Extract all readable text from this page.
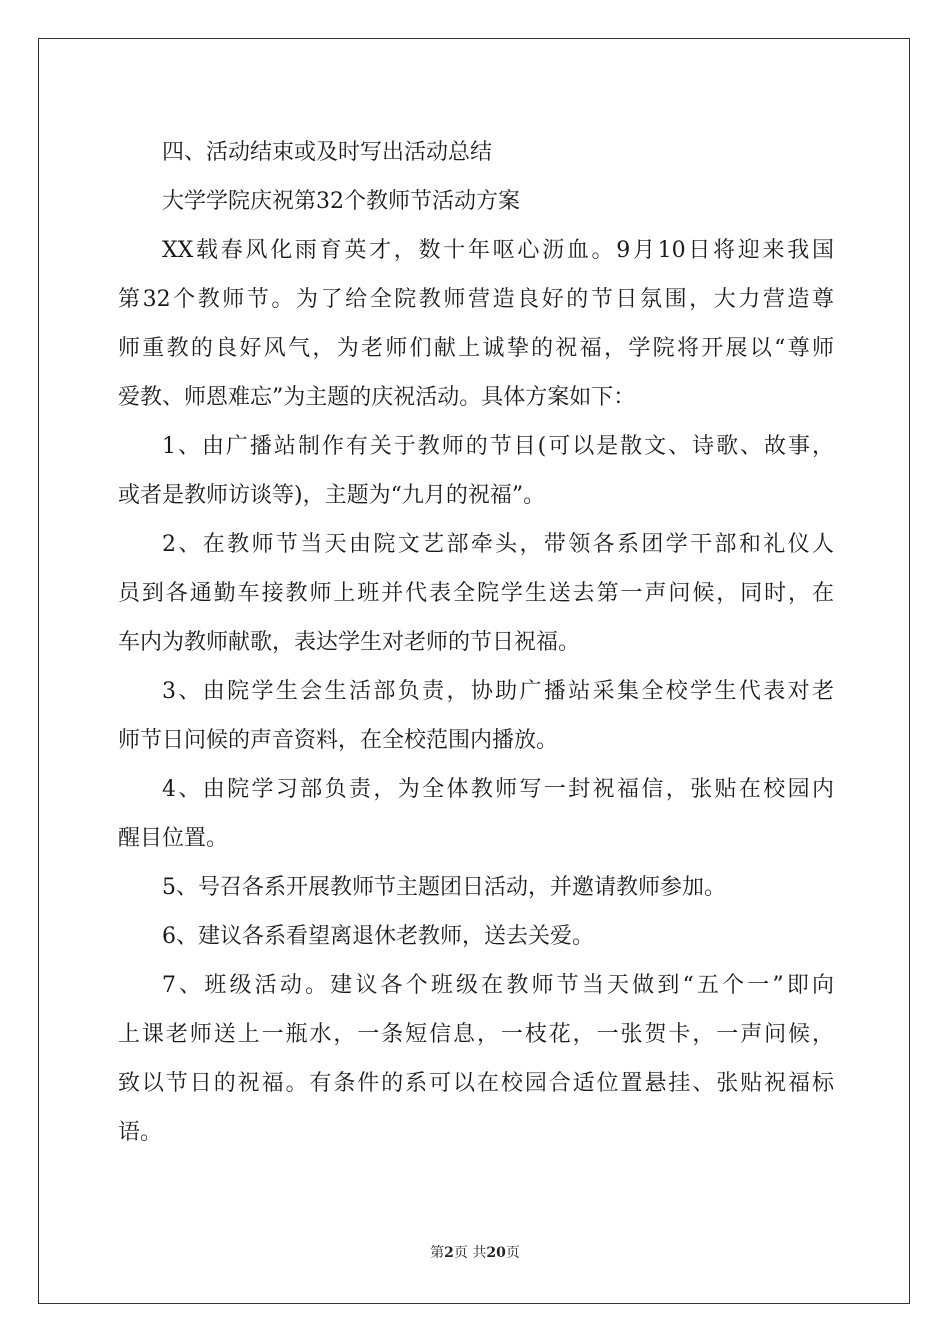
四、活动结束或及时写出活动总结
大学学院庆祝第32个教师节活动方案
XX载春风化雨育英才，数十年呕心沥血。9月10日将迎来我国
第32个教师节。为了给全院教师营造良好的节日氛围，大力营造尊
师重教的良好风气，为老师们献上诚挚的祝福，学院将开展以“尊师
爱教、师恩难忘”为主题的庆祝活动。具体方案如下：
1、由广播站制作有关于教师的节目(可以是散文、诗歌、故事，
或者是教师访谈等)，主题为“九月的祝福”。
2、在教师节当天由院文艺部牵头，带领各系团学干部和礼仪人
员到各通勤车接教师上班并代表全院学生送去第一声问候，同时，在
车内为教师献歌，表达学生对老师的节日祝福。
3、由院学生会生活部负责，协助广播站采集全校学生代表对老
师节日问候的声音资料，在全校范围内播放。
4、由院学习部负责，为全体教师写一封祝福信，张贴在校园内
醒目位置。
5、号召各系开展教师节主题团日活动，并邀请教师参加。
6、建议各系看望离退休老教师，送去关爱。
7、班级活动。建议各个班级在教师节当天做到“五个一”即向
上课老师送上一瓶水，一条短信息，一枝花，一张贺卡，一声问候，
致以节日的祝福。有条件的系可以在校园合适位置悬挂、张贴祝福标
语。
第2页 共20页
